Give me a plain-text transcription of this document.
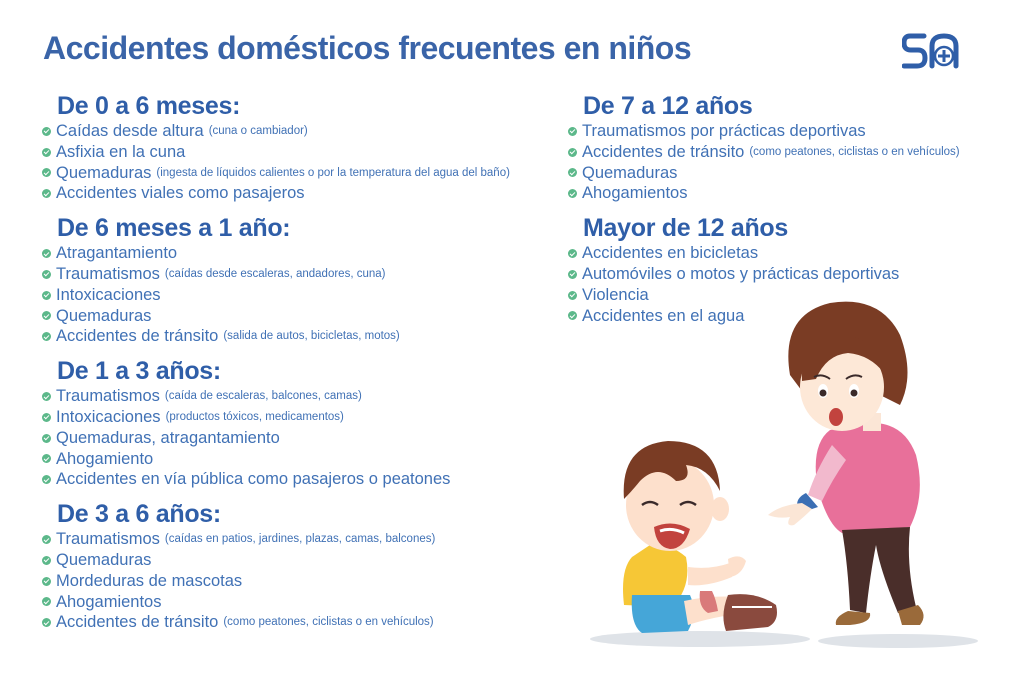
Accidentes domésticos frecuentes en niños
De 0 a 6 meses:
Caídas desde altura (cuna o cambiador)
Asfixia en la cuna
Quemaduras (ingesta de líquidos calientes o por la temperatura del agua del baño)
Accidentes viales como pasajeros
De 6 meses a 1 año:
Atragantamiento
Traumatismos (caídas desde escaleras, andadores, cuna)
Intoxicaciones
Quemaduras
Accidentes de tránsito (salida de autos, bicicletas, motos)
De 1 a 3 años:
Traumatismos (caída de escaleras, balcones, camas)
Intoxicaciones (productos tóxicos, medicamentos)
Quemaduras, atragantamiento
Ahogamiento
Accidentes en vía pública como pasajeros o peatones
De 3 a 6 años:
Traumatismos (caídas en patios, jardines, plazas, camas, balcones)
Quemaduras
Mordeduras de mascotas
Ahogamientos
Accidentes de tránsito (como peatones, ciclistas o en vehículos)
De 7 a 12 años
Traumatismos por prácticas deportivas
Accidentes de tránsito (como peatones, ciclistas o en vehículos)
Quemaduras
Ahogamientos
Mayor de 12 años
Accidentes en bicicletas
Automóviles o motos y prácticas deportivas
Violencia
Accidentes en el agua
